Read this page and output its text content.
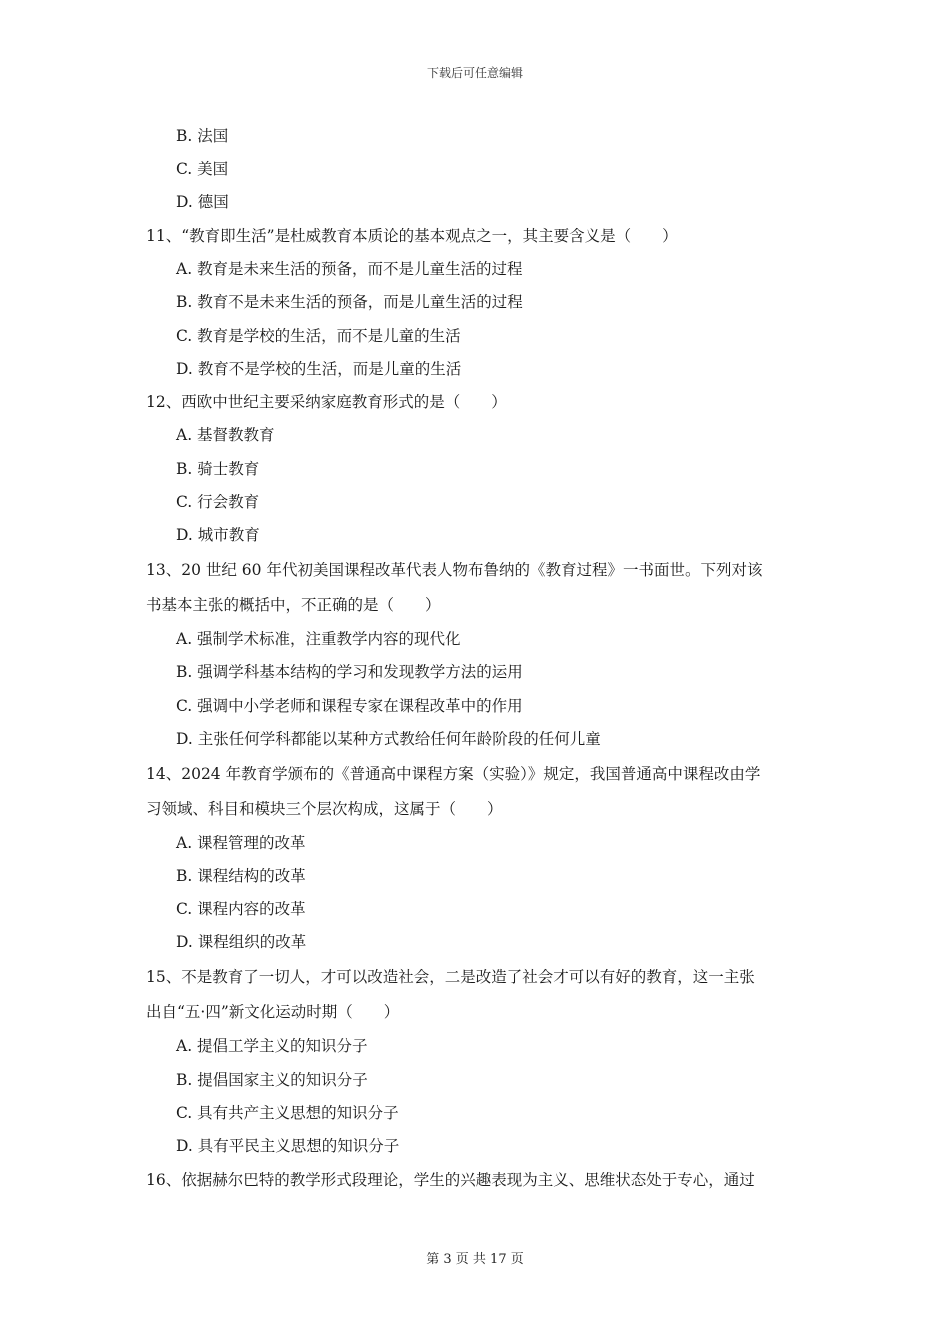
下载后可任意编辑
B. 法国
C. 美国
D. 德国
11、“教育即生活”是杜威教育本质论的基本观点之一，其主要含义是（　　）
A. 教育是未来生活的预备，而不是儿童生活的过程
B. 教育不是未来生活的预备，而是儿童生活的过程
C. 教育是学校的生活，而不是儿童的生活
D. 教育不是学校的生活，而是儿童的生活
12、西欧中世纪主要采纳家庭教育形式的是（　　）
A. 基督教教育
B. 骑士教育
C. 行会教育
D. 城市教育
13、20 世纪 60 年代初美国课程改革代表人物布鲁纳的《教育过程》一书面世。下列对该
书基本主张的概括中，不正确的是（　　）
A. 强制学术标准，注重教学内容的现代化
B. 强调学科基本结构的学习和发现教学方法的运用
C. 强调中小学老师和课程专家在课程改革中的作用
D. 主张任何学科都能以某种方式教给任何年龄阶段的任何儿童
14、2024 年教育学颁布的《普通高中课程方案（实验）》规定，我国普通高中课程改由学
习领域、科目和模块三个层次构成，这属于（　　）
A. 课程管理的改革
B. 课程结构的改革
C. 课程内容的改革
D. 课程组织的改革
15、不是教育了一切人，才可以改造社会，二是改造了社会才可以有好的教育，这一主张
出自“五·四”新文化运动时期（　　）
A. 提倡工学主义的知识分子
B. 提倡国家主义的知识分子
C. 具有共产主义思想的知识分子
D. 具有平民主义思想的知识分子
16、依据赫尔巴特的教学形式段理论，学生的兴趣表现为主义、思维状态处于专心，通过
第 3 页 共 17 页
